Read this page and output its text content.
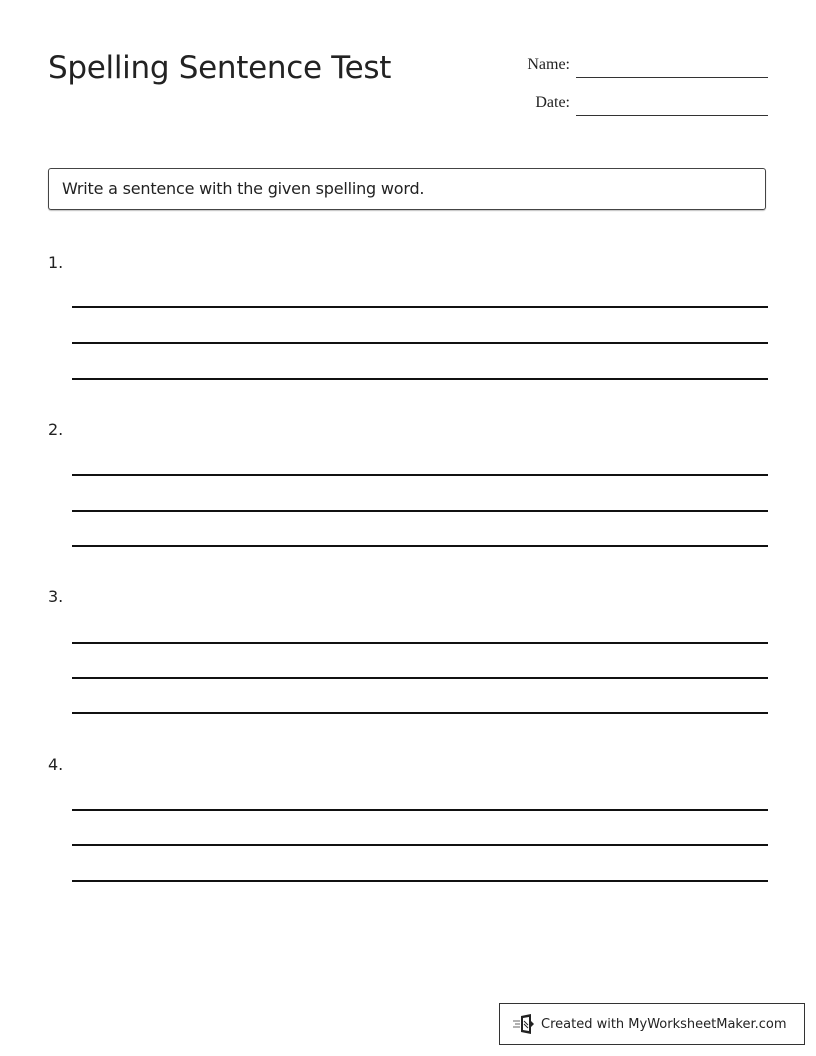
Spelling Sentence Test	Name:
Date:
Write a sentence with the given spelling word.
1.
2.
3.
4.
Created with MyWorksheetMaker.com
